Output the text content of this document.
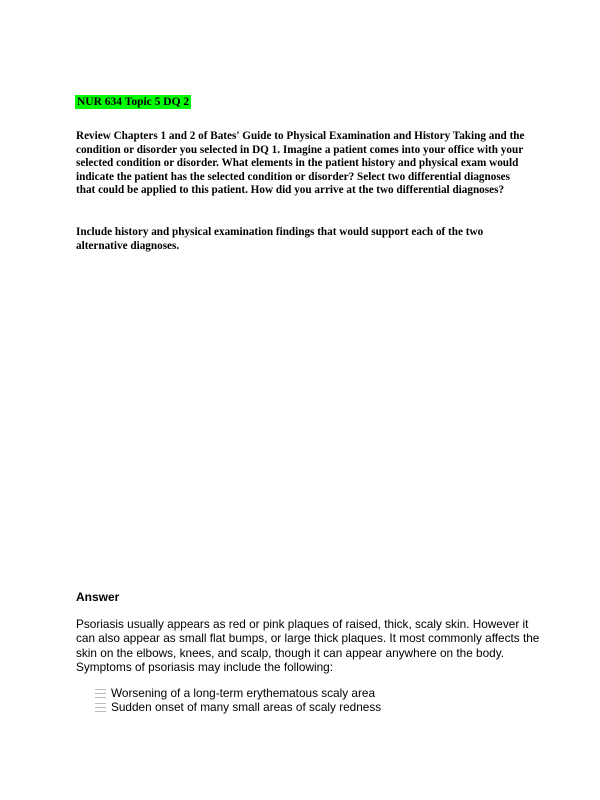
NUR 634 Topic 5 DQ 2

Review Chapters 1 and 2 of Bates' Guide to Physical Examination and History Taking and the condition or disorder you selected in DQ 1. Imagine a patient comes into your office with your selected condition or disorder. What elements in the patient history and physical exam would indicate the patient has the selected condition or disorder? Select two differential diagnoses that could be applied to this patient. How did you arrive at the two differential diagnoses?

Include history and physical examination findings that would support each of the two alternative diagnoses.

Answer

Psoriasis usually appears as red or pink plaques of raised, thick, scaly skin. However it can also appear as small flat bumps, or large thick plaques. It most commonly affects the skin on the elbows, knees, and scalp, though it can appear anywhere on the body. Symptoms of psoriasis may include the following:

Worsening of a long-term erythematous scaly area
Sudden onset of many small areas of scaly redness
